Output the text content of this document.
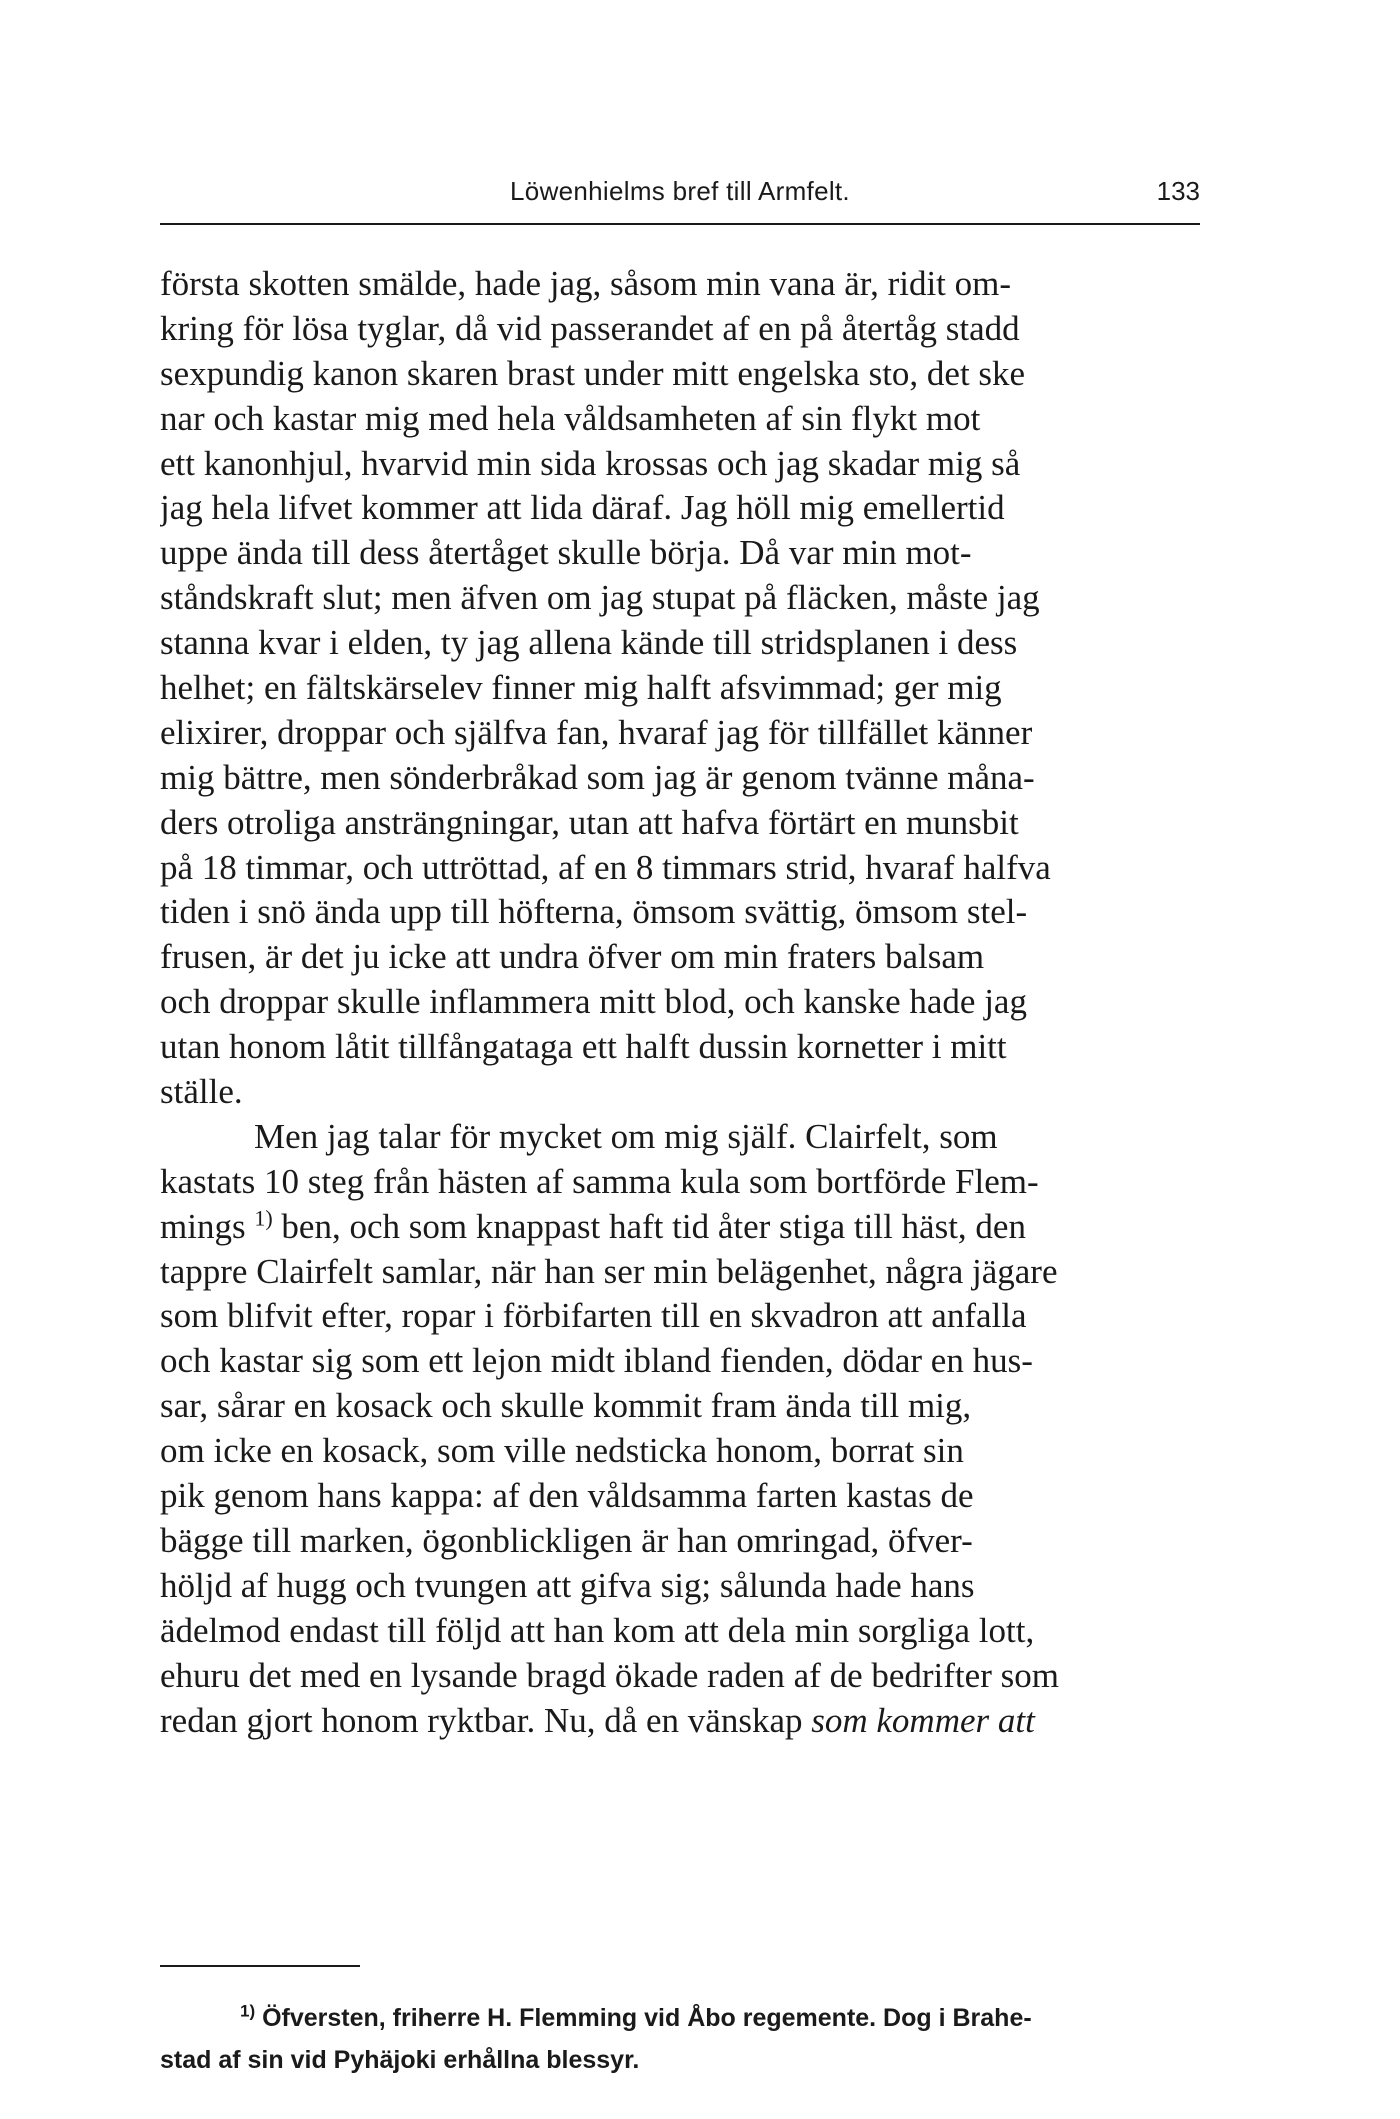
Löwenhielms bref till Armfelt.	133
första skotten smälde, hade jag, såsom min vana är, ridit om-
kring för lösa tyglar, då vid passerandet af en på återtåg stadd
sexpundig kanon skaren brast under mitt engelska sto, det ske
nar och kastar mig med hela våldsamheten af sin flykt mot
ett kanonhjul, hvarvid min sida krossas och jag skadar mig så
jag hela lifvet kommer att lida däraf. Jag höll mig emellertid
uppe ända till dess återtåget skulle börja. Då var min mot-
ståndskraft slut; men äfven om jag stupat på fläcken, måste jag
stanna kvar i elden, ty jag allena kände till stridsplanen i dess
helhet; en fältskärselev finner mig halft afsvimmad; ger mig
elixirer, droppar och själfva fan, hvaraf jag för tillfället känner
mig bättre, men sönderbråkad som jag är genom tvänne måna-
ders otroliga ansträngningar, utan att hafva förtärt en munsbit
på 18 timmar, och uttröttad, af en 8 timmars strid, hvaraf halfva
tiden i snö ända upp till höfterna, ömsom svättig, ömsom stel-
frusen, är det ju icke att undra öfver om min fraters balsam
och droppar skulle inflammera mitt blod, och kanske hade jag
utan honom låtit tillfångataga ett halft dussin kornetter i mitt
ställe.
Men jag talar för mycket om mig själf. Clairfelt, som
kastats 10 steg från hästen af samma kula som bortförde Flem-
mings $^{1)}$ ben, och som knappast haft tid åter stiga till häst, den
tappre Clairfelt samlar, när han ser min belägenhet, några jägare
som blifvit efter, ropar i förbifarten till en skvadron att anfalla
och kastar sig som ett lejon midt ibland fienden, dödar en hus-
sar, sårar en kosack och skulle kommit fram ända till mig,
om icke en kosack, som ville nedsticka honom, borrat sin
pik genom hans kappa: af den våldsamma farten kastas de
bägge till marken, ögonblickligen är han omringad, öfver-
höljd af hugg och tvungen att gifva sig; sålunda hade hans
ädelmod endast till följd att han kom att dela min sorgliga lott,
ehuru det med en lysande bragd ökade raden af de bedrifter som
redan gjort honom ryktbar. Nu, då en vänskap som kommer att
$^{1)}$ Öfversten, friherre H. Flemming vid Åbo regemente. Dog i Brahe-
stad af sin vid Pyhäjoki erhållna blessyr.
